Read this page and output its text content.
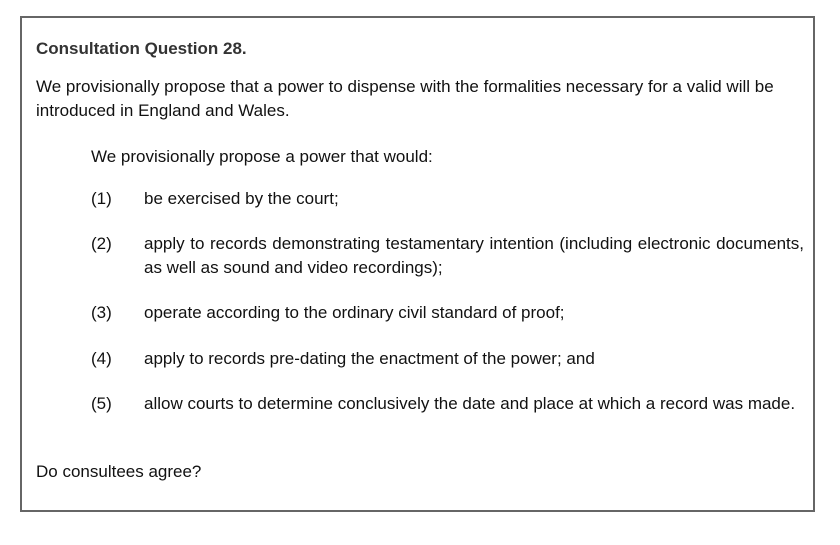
Consultation Question 28.

We provisionally propose that a power to dispense with the formalities necessary for a valid will be introduced in England and Wales.

We provisionally propose a power that would:

(1)	be exercised by the court;
(2)	apply to records demonstrating testamentary intention (including electronic documents, as well as sound and video recordings);
(3)	operate according to the ordinary civil standard of proof;
(4)	apply to records pre-dating the enactment of the power; and
(5)	allow courts to determine conclusively the date and place at which a record was made.

Do consultees agree?
